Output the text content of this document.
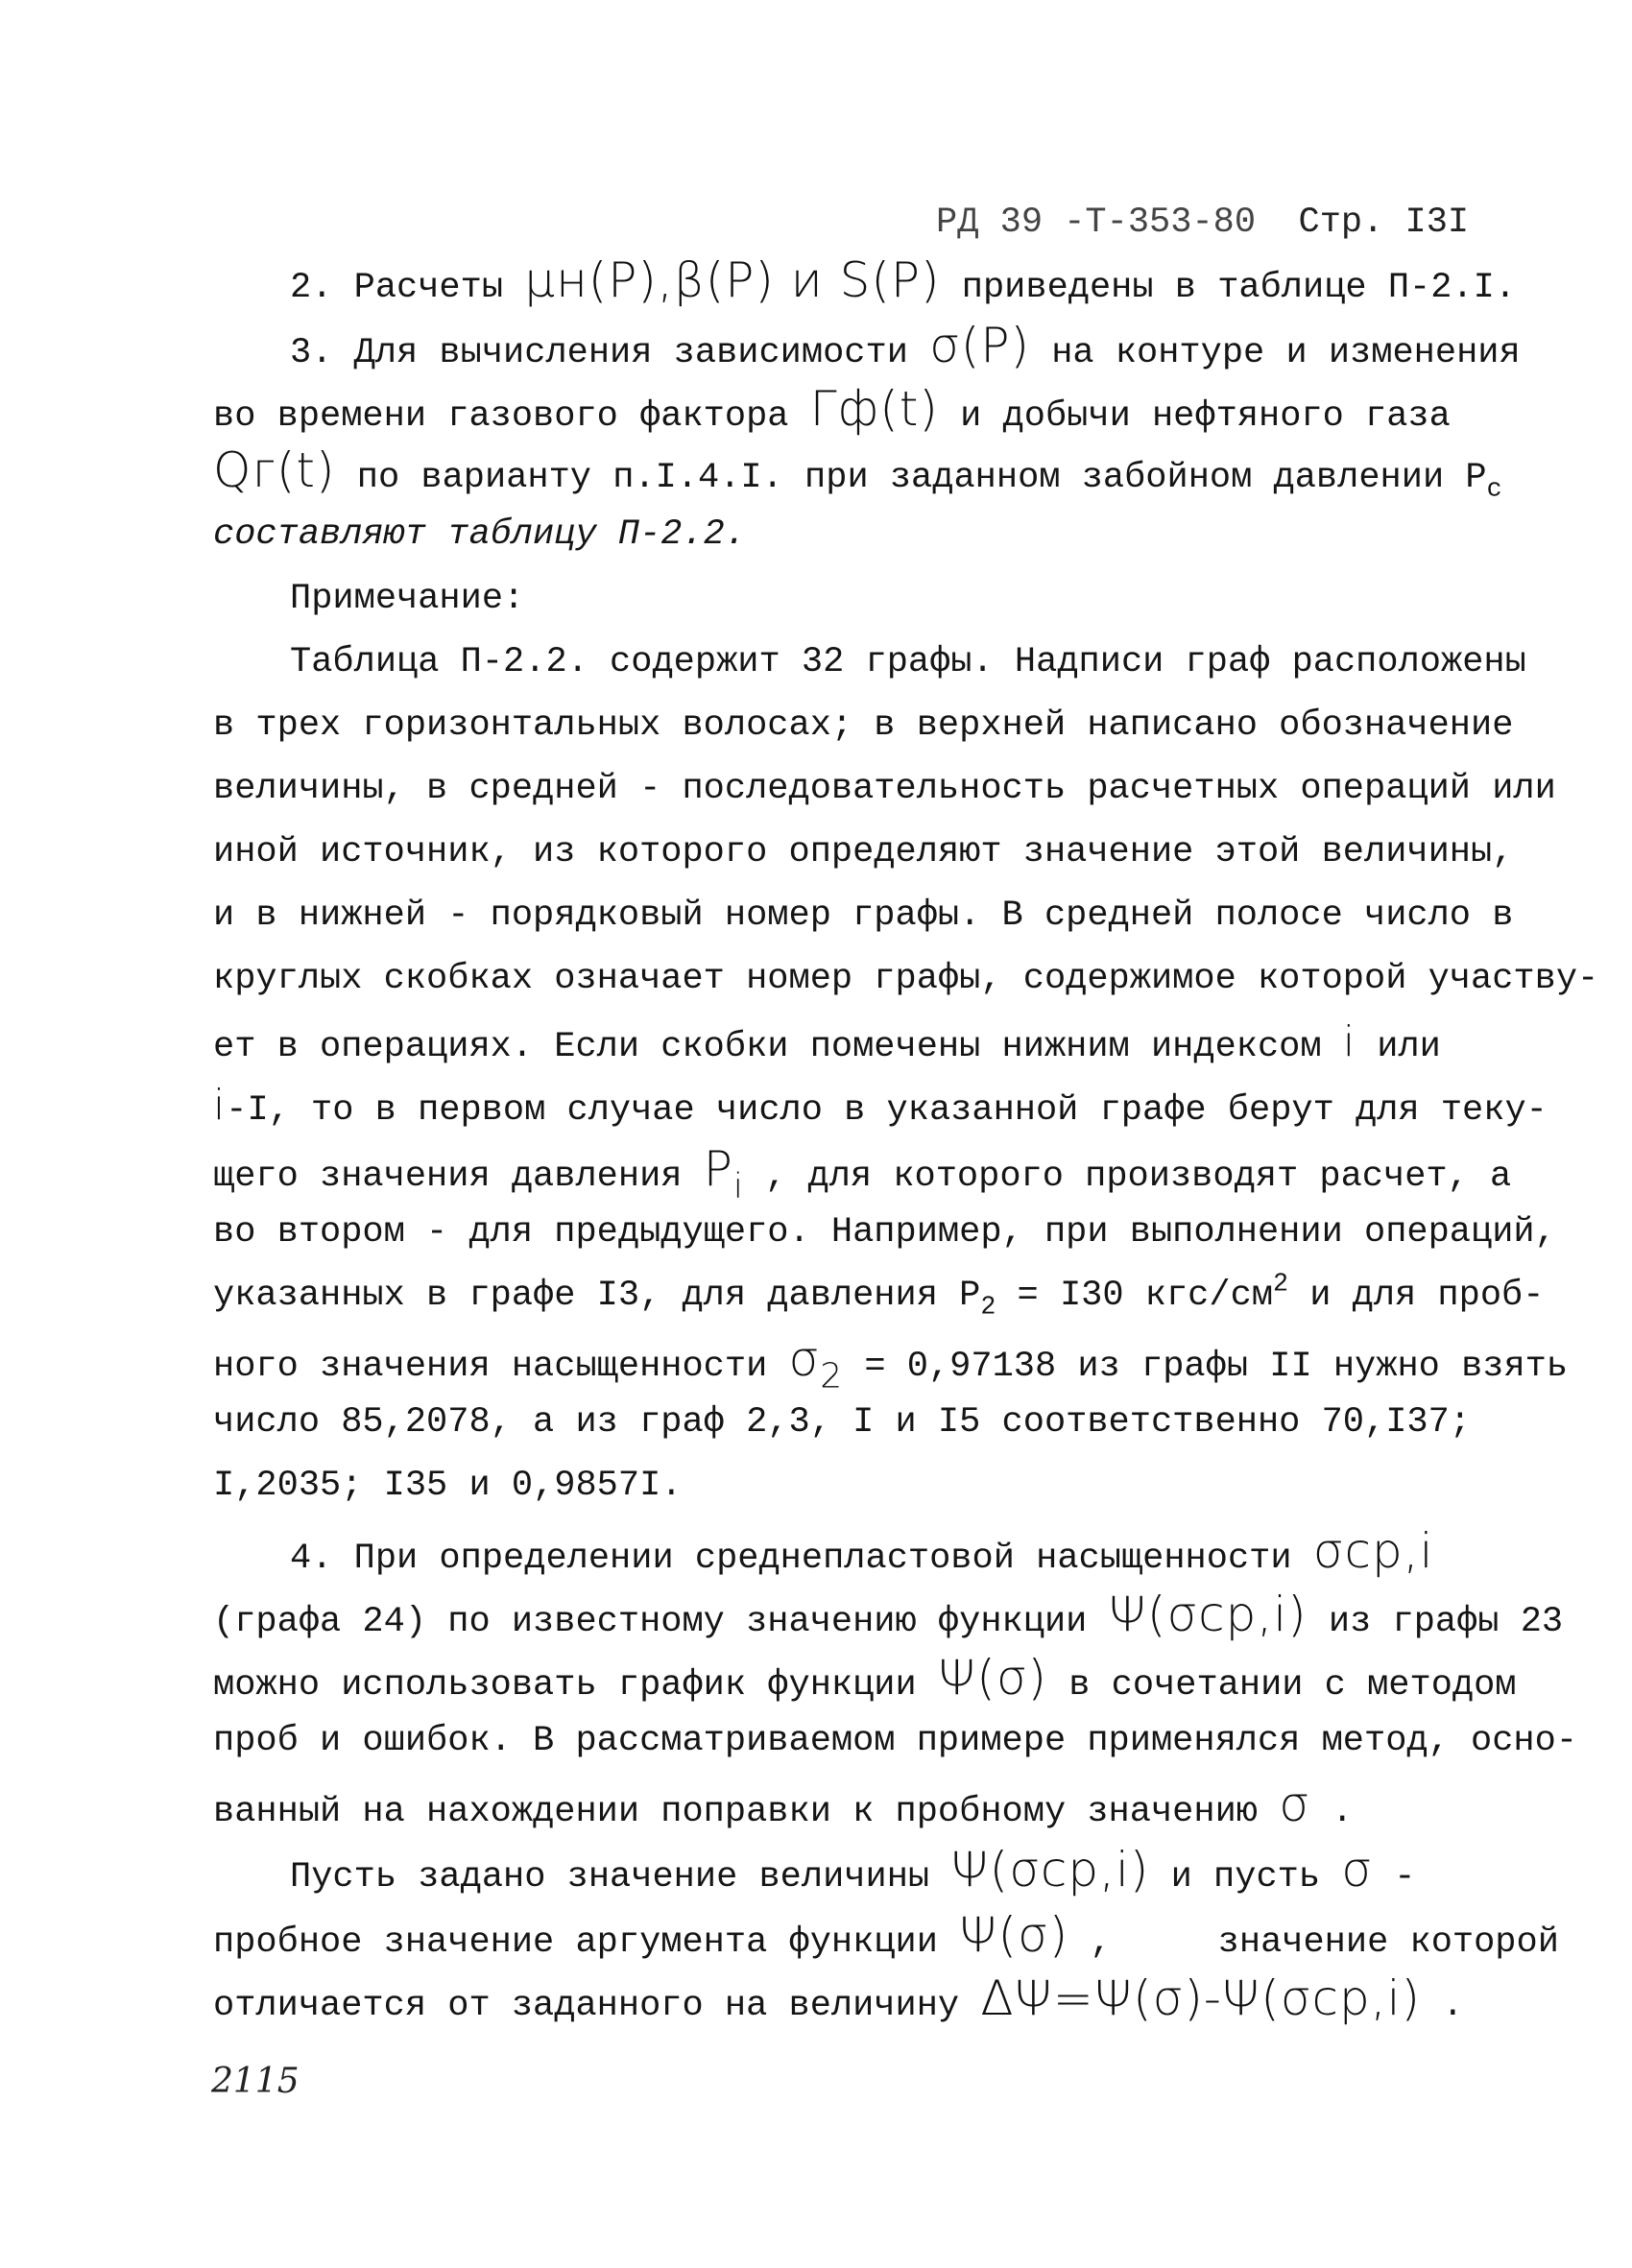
РД 39 -Т-353-80 Стр. I3I
2. Расчеты μн(Р),β(Р) и S(P) приведены в таблице П-2.I.
3. Для вычисления зависимости σ(P) на контуре и изменения
во времени газового фактора Гф(t) и добычи нефтяного газа
Qг(t) по варианту п.I.4.I. при заданном забойном давлении $Р_с$
составляют таблицу П-2.2.
Примечание:
Таблица П-2.2. содержит 32 графы. Надписи граф расположены
в трех горизонтальных волосах; в верхней написано обозначение
величины, в средней - последовательность расчетных операций или
иной источник, из которого определяют значение этой величины,
и в нижней - порядковый номер графы. В средней полосе число в
круглых скобках означает номер графы, содержимое которой участву-
ет в операциях. Если скобки помечены нижним индексом i или
i-I, то в первом случае число в указанной графе берут для теку-
щего значения давления $P_i$ , для которого производят расчет, а
во втором - для предыдущего. Например, при выполнении операций,
указанных в графе I3, для давления $Р_2 = I30$ кгс/$см^2$ и для проб-
ного значения насыщенности $\sigma_2 = 0,97138$ из графы II нужно взять
число 85,2078, а из граф 2,3, I и I5 соответственно 70,I37;
I,2035; I35 и 0,9857I.
4. При определении среднепластовой насыщенности σср,i
(графа 24) по известному значению функции Ψ(σср,i) из графы 23
можно использовать график функции Ψ(σ) в сочетании с методом
проб и ошибок. В рассматриваемом примере применялся метод, осно-
ванный на нахождении поправки к пробному значению σ .
Пусть задано значение величины Ψ(σср,i) и пусть σ -
пробное значение аргумента функции Ψ(σ) ,     значение которой
отличается от заданного на величину ΔΨ=Ψ(σ)-Ψ(σср,i) .
2115
